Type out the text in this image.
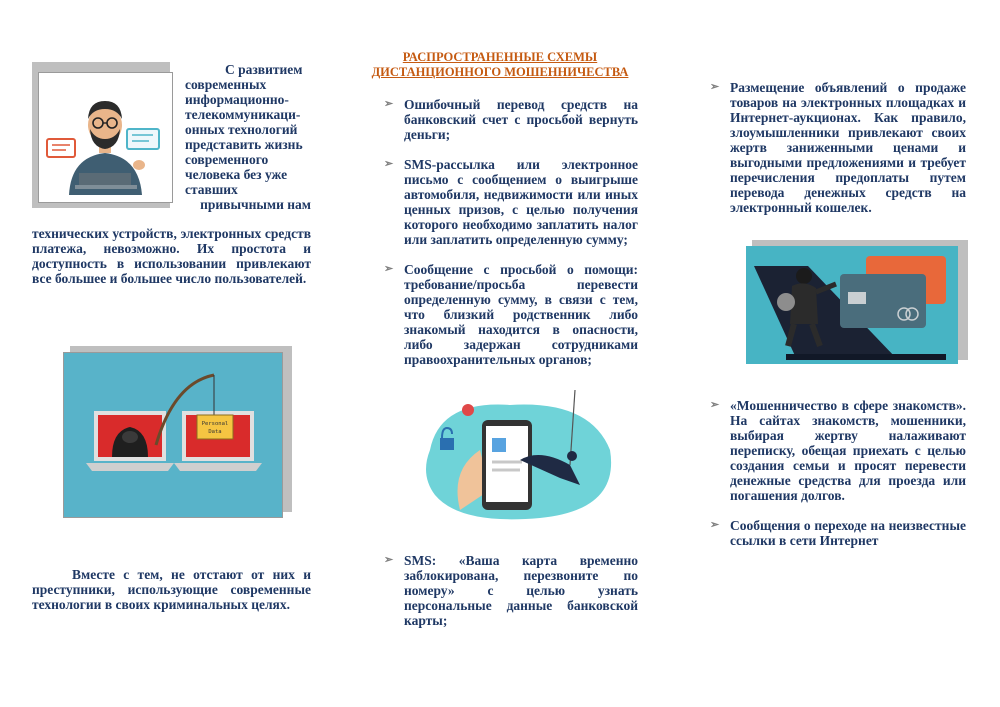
С развитием

современных

информационно-

телекоммуникаци-

онных технологий

представить жизнь

современного

человека без уже

ставших

привычными нам

технических устройств, электронных средств платежа, невозможно. Их простота и доступность в использовании привлекают все большее и большее число пользователей.

Personal
Data

Вместе с тем, не отстают от них и преступники, использующие современные технологии в своих криминальных целях.

РАСПРОСТРАНЕННЫЕ СХЕМЫ ДИСТАНЦИОННОГО МОШЕННИЧЕСТВА
➢ Ошибочный перевод средств на банковский счет с просьбой вернуть деньги;
➢ SMS-рассылка или электронное письмо с сообщением о выигрыше автомобиля, недвижимости или иных ценных призов, с целью получения которого необходимо заплатить налог или заплатить определенную сумму;
➢ Сообщение с просьбой о помощи: требование/просьба перевести определенную сумму, в связи с тем, что близкий родственник либо знакомый находится в опасности, либо задержан сотрудниками правоохранительных органов;
➢ SMS: «Ваша карта временно заблокирована, перезвоните по номеру» с целью узнать персональные данные банковской карты;
➢ Размещение объявлений о продаже товаров на электронных площадках и Интернет-аукционах. Как правило, злоумышленники привлекают своих жертв заниженными ценами и выгодными предложениями и требует перечисления предоплаты путем перевода денежных средств на электронный кошелек.
➢ «Мошенничество в сфере знакомств». На сайтах знакомств, мошенники, выбирая жертву налаживают переписку, обещая приехать с целью создания семьи и просят перевести денежные средства для проезда или погашения долгов.
➢ Сообщения о переходе на неизвестные ссылки в сети Интернет
